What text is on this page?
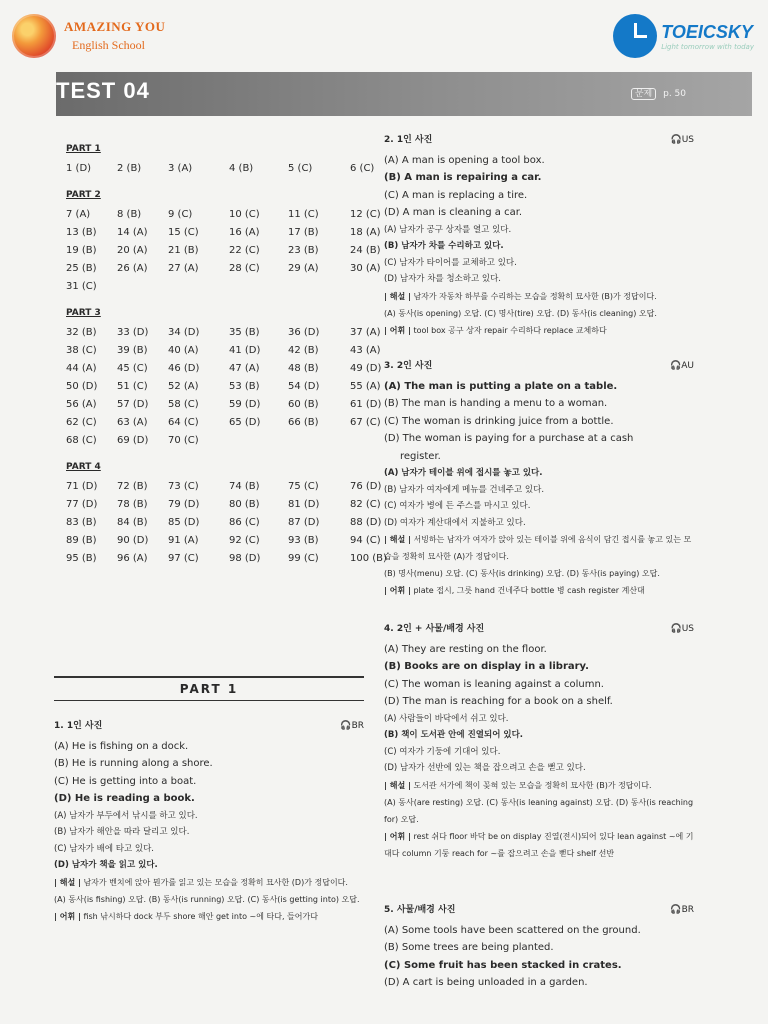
AMAZING YOU
English School
TOEICSKY
Light tomorrow with today
TEST 04	문제 p. 50
PART 1
1 (D)	2 (B)	3 (A)	4 (B)	5 (C)	6 (C)
PART 2
7 (A)	8 (B)	9 (C)	10 (C)	11 (C)	12 (C)
13 (B)	14 (A)	15 (C)	16 (A)	17 (B)	18 (A)
19 (B)	20 (A)	21 (B)	22 (C)	23 (B)	24 (B)
25 (B)	26 (A)	27 (A)	28 (C)	29 (A)	30 (A)
31 (C)
PART 3
32 (B)	33 (D)	34 (D)	35 (B)	36 (D)	37 (A)
38 (C)	39 (B)	40 (A)	41 (D)	42 (B)	43 (A)
44 (A)	45 (C)	46 (D)	47 (A)	48 (B)	49 (D)
50 (D)	51 (C)	52 (A)	53 (B)	54 (D)	55 (A)
56 (A)	57 (D)	58 (C)	59 (D)	60 (B)	61 (D)
62 (C)	63 (A)	64 (C)	65 (D)	66 (B)	67 (C)
68 (C)	69 (D)	70 (C)
PART 4
71 (D)	72 (B)	73 (C)	74 (B)	75 (C)	76 (D)
77 (D)	78 (B)	79 (D)	80 (B)	81 (D)	82 (C)
83 (B)	84 (B)	85 (D)	86 (C)	87 (D)	88 (D)
89 (B)	90 (D)	91 (A)	92 (C)	93 (B)	94 (C)
95 (B)	96 (A)	97 (C)	98 (D)	99 (C)	100 (B)
PART 1
1. 1인 사진	🎧BR
(A) He is fishing on a dock.
(B) He is running along a shore.
(C) He is getting into a boat.
(D) He is reading a book.
(A) 남자가 부두에서 낚시를 하고 있다.
(B) 남자가 해안을 따라 달리고 있다.
(C) 남자가 배에 타고 있다.
(D) 남자가 책을 읽고 있다.
| 해설 | 남자가 벤치에 앉아 뭔가를 읽고 있는 모습을 정확히 묘사한 (D)가 정답이다.
(A) 동사(is fishing) 오답. (B) 동사(is running) 오답. (C) 동사(is getting into) 오답.
| 어휘 | fish 낚시하다 dock 부두 shore 해안 get into ~에 타다, 들어가다
2. 1인 사진	🎧US
(A) A man is opening a tool box.
(B) A man is repairing a car.
(C) A man is replacing a tire.
(D) A man is cleaning a car.
(A) 남자가 공구 상자를 열고 있다.
(B) 남자가 차를 수리하고 있다.
(C) 남자가 타이어를 교체하고 있다.
(D) 남자가 차를 청소하고 있다.
| 해설 | 남자가 자동차 하부를 수리하는 모습을 정확히 묘사한 (B)가 정답이다.
(A) 동사(is opening) 오답. (C) 명사(tire) 오답. (D) 동사(is cleaning) 오답.
| 어휘 | tool box 공구 상자 repair 수리하다 replace 교체하다
3. 2인 사진	🎧AU
(A) The man is putting a plate on a table.
(B) The man is handing a menu to a woman.
(C) The woman is drinking juice from a bottle.
(D) The woman is paying for a purchase at a cash
register.
(A) 남자가 테이블 위에 접시를 놓고 있다.
(B) 남자가 여자에게 메뉴를 건네주고 있다.
(C) 여자가 병에 든 주스를 마시고 있다.
(D) 여자가 계산대에서 지불하고 있다.
| 해설 | 서빙하는 남자가 여자가 앉아 있는 테이블 위에 음식이 담긴 접시를 놓고 있는 모습을 정확히 묘사한 (A)가 정답이다.
(B) 명사(menu) 오답. (C) 동사(is drinking) 오답. (D) 동사(is paying) 오답.
| 어휘 | plate 접시, 그릇 hand 건네주다 bottle 병 cash register 계산대
4. 2인 + 사물/배경 사진	🎧US
(A) They are resting on the floor.
(B) Books are on display in a library.
(C) The woman is leaning against a column.
(D) The man is reaching for a book on a shelf.
(A) 사람들이 바닥에서 쉬고 있다.
(B) 책이 도서관 안에 진열되어 있다.
(C) 여자가 기둥에 기대어 있다.
(D) 남자가 선반에 있는 책을 잡으려고 손을 뻗고 있다.
| 해설 | 도서관 서가에 책이 꽂혀 있는 모습을 정확히 묘사한 (B)가 정답이다.
(A) 동사(are resting) 오답. (C) 동사(is leaning against) 오답. (D) 동사(is reaching for) 오답.
| 어휘 | rest 쉬다 floor 바닥 be on display 진열(전시)되어 있다 lean against ~에 기대다 column 기둥 reach for ~를 잡으려고 손을 뻗다 shelf 선반
5. 사물/배경 사진	🎧BR
(A) Some tools have been scattered on the ground.
(B) Some trees are being planted.
(C) Some fruit has been stacked in crates.
(D) A cart is being unloaded in a garden.
